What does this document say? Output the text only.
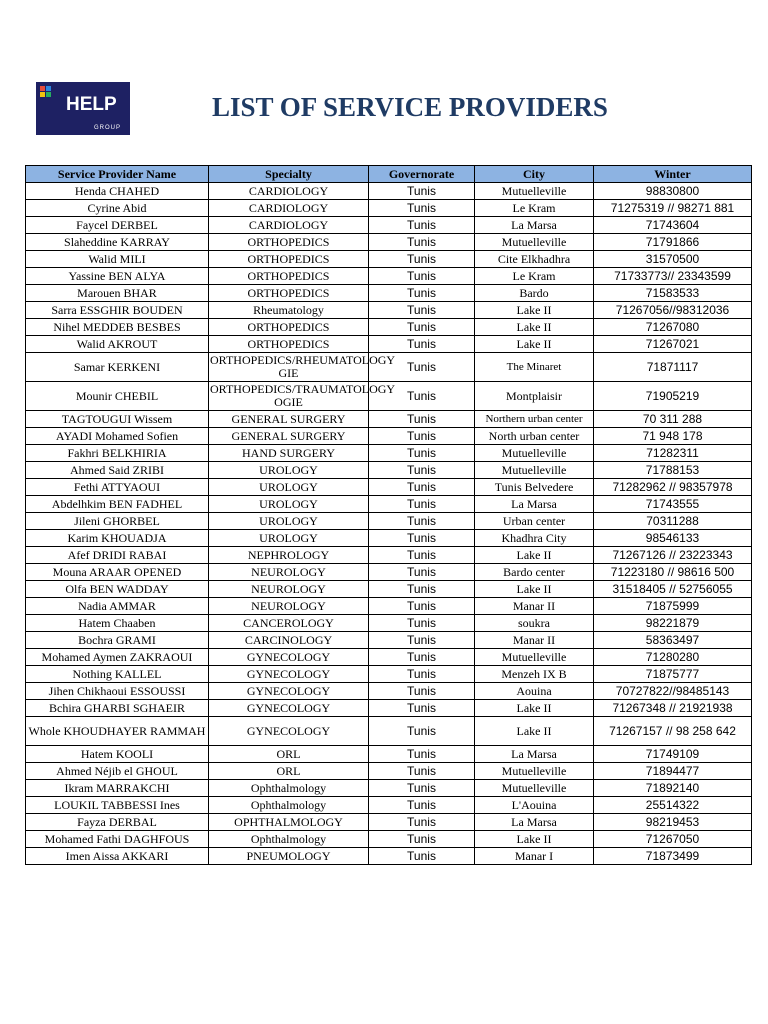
HELP
GROUP
LIST OF SERVICE PROVIDERS
Service Provider Name	Specialty	Governorate	City	Winter
Henda CHAHED	CARDIOLOGY	Tunis	Mutuelleville	98830800
Cyrine Abid	CARDIOLOGY	Tunis	Le Kram	71275319 // 98271 881
Faycel DERBEL	CARDIOLOGY	Tunis	La Marsa	71743604
Slaheddine KARRAY	ORTHOPEDICS	Tunis	Mutuelleville	71791866
Walid MILI	ORTHOPEDICS	Tunis	Cite Elkhadhra	31570500
Yassine BEN ALYA	ORTHOPEDICS	Tunis	Le Kram	71733773// 23343599
Marouen BHAR	ORTHOPEDICS	Tunis	Bardo	71583533
Sarra ESSGHIR BOUDEN	Rheumatology	Tunis	Lake II	71267056//98312036
Nihel MEDDEB BESBES	ORTHOPEDICS	Tunis	Lake II	71267080
Walid AKROUT	ORTHOPEDICS	Tunis	Lake II	71267021
Samar KERKENI	ORTHOPEDICS/RHEUMATOLOGY GIE	Tunis	The Minaret	71871117
Mounir CHEBIL	ORTHOPEDICS/TRAUMATOLOGY OGIE	Tunis	Montplaisir	71905219
TAGTOUGUI Wissem	GENERAL SURGERY	Tunis	Northern urban center	70 311 288
AYADI Mohamed Sofien	GENERAL SURGERY	Tunis	North urban center	71 948 178
Fakhri BELKHIRIA	HAND SURGERY	Tunis	Mutuelleville	71282311
Ahmed Said ZRIBI	UROLOGY	Tunis	Mutuelleville	71788153
Fethi ATTYAOUI	UROLOGY	Tunis	Tunis Belvedere	71282962 // 98357978
Abdelhkim BEN FADHEL	UROLOGY	Tunis	La Marsa	71743555
Jileni GHORBEL	UROLOGY	Tunis	Urban center	70311288
Karim KHOUADJA	UROLOGY	Tunis	Khadhra City	98546133
Afef DRIDI RABAI	NEPHROLOGY	Tunis	Lake II	71267126 // 23223343
Mouna ARAAR OPENED	NEUROLOGY	Tunis	Bardo center	71223180 // 98616 500
Olfa BEN WADDAY	NEUROLOGY	Tunis	Lake II	31518405 // 52756055
Nadia AMMAR	NEUROLOGY	Tunis	Manar II	71875999
Hatem Chaaben	CANCEROLOGY	Tunis	soukra	98221879
Bochra GRAMI	CARCINOLOGY	Tunis	Manar II	58363497
Mohamed Aymen ZAKRAOUI	GYNECOLOGY	Tunis	Mutuelleville	71280280
Nothing KALLEL	GYNECOLOGY	Tunis	Menzeh IX B	71875777
Jihen Chikhaoui ESSOUSSI	GYNECOLOGY	Tunis	Aouina	70727822//98485143
Bchira GHARBI SGHAEIR	GYNECOLOGY	Tunis	Lake II	71267348 // 21921938
Whole KHOUDHAYER RAMMAH	GYNECOLOGY	Tunis	Lake II	71267157 // 98 258 642
Hatem KOOLI	ORL	Tunis	La Marsa	71749109
Ahmed Néjib el GHOUL	ORL	Tunis	Mutuelleville	71894477
Ikram MARRAKCHI	Ophthalmology	Tunis	Mutuelleville	71892140
LOUKIL TABBESSI Ines	Ophthalmology	Tunis	L'Aouina	25514322
Fayza DERBAL	OPHTHALMOLOGY	Tunis	La Marsa	98219453
Mohamed Fathi DAGHFOUS	Ophthalmology	Tunis	Lake II	71267050
Imen Aissa AKKARI	PNEUMOLOGY	Tunis	Manar I	71873499
